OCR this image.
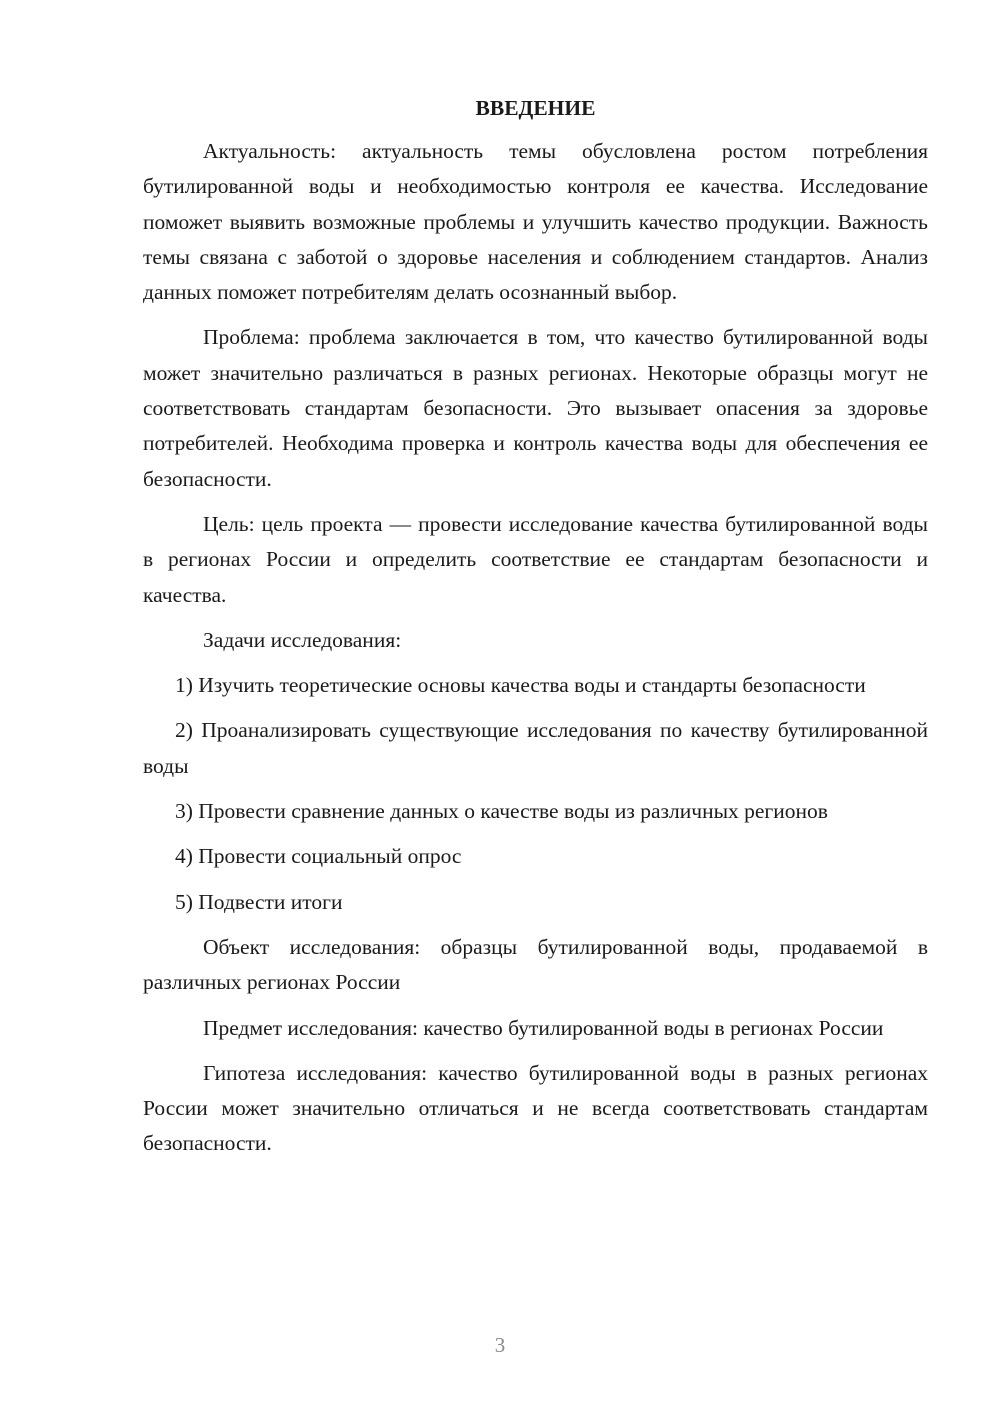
ВВЕДЕНИЕ

Актуальность: актуальность темы обусловлена ростом потребления бутилированной воды и необходимостью контроля ее качества. Исследование поможет выявить возможные проблемы и улучшить качество продукции. Важность темы связана с заботой о здоровье населения и соблюдением стандартов. Анализ данных поможет потребителям делать осознанный выбор.

Проблема: проблема заключается в том, что качество бутилированной воды может значительно различаться в разных регионах. Некоторые образцы могут не соответствовать стандартам безопасности. Это вызывает опасения за здоровье потребителей. Необходима проверка и контроль качества воды для обеспечения ее безопасности.

Цель: цель проекта — провести исследование качества бутилированной воды в регионах России и определить соответствие ее стандартам безопасности и качества.

Задачи исследования:

1) Изучить теоретические основы качества воды и стандарты безопасности

2) Проанализировать существующие исследования по качеству бутилированной воды

3) Провести сравнение данных о качестве воды из различных регионов

4) Провести социальный опрос

5) Подвести итоги

Объект исследования: образцы бутилированной воды, продаваемой в различных регионах России

Предмет исследования: качество бутилированной воды в регионах России

Гипотеза исследования: качество бутилированной воды в разных регионах России может значительно отличаться и не всегда соответствовать стандартам безопасности.

3
